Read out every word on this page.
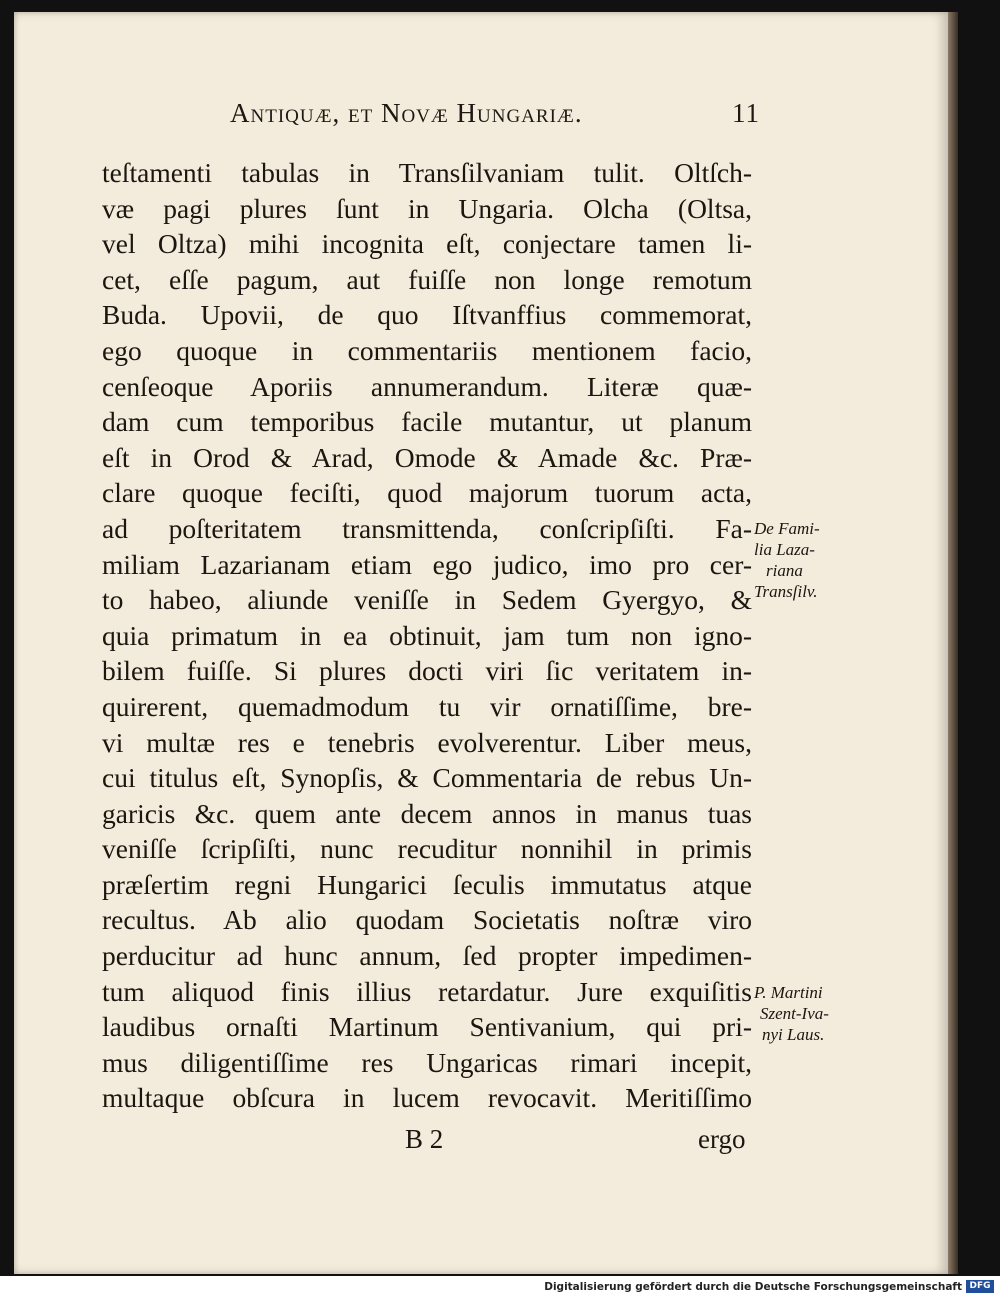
Antiquæ, et Novæ Hungariæ.	11
teſtamenti tabulas in Transſilvaniam tulit. Oltſch-
væ pagi plures ſunt in Ungaria. Olcha (Oltsa,
vel Oltza) mihi incognita eſt, conjectare tamen li-
cet, eſſe pagum, aut fuiſſe non longe remotum
Buda. Upovii, de quo Iſtvanffius commemorat,
ego quoque in commentariis mentionem facio,
cenſeoque Aporiis annumerandum. Literæ quæ-
dam cum temporibus facile mutantur, ut planum
eſt in Orod & Arad, Omode & Amade &c. Præ-
clare quoque feciſti, quod majorum tuorum acta,
ad poſteritatem transmittenda, conſcripſiſti. Fa-
miliam Lazarianam etiam ego judico, imo pro cer-
to habeo, aliunde veniſſe in Sedem Gyergyo, &
quia primatum in ea obtinuit, jam tum non igno-
bilem fuiſſe. Si plures docti viri ſic veritatem in-
quirerent, quemadmodum tu vir ornatiſſime, bre-
vi multæ res e tenebris evolverentur. Liber meus,
cui titulus eſt, Synopſis, & Commentaria de rebus Un-
garicis &c. quem ante decem annos in manus tuas
veniſſe ſcripſiſti, nunc recuditur nonnihil in primis
præſertim regni Hungarici ſeculis immutatus atque
recultus. Ab alio quodam Societatis noſtræ viro
perducitur ad hunc annum, ſed propter impedimen-
tum aliquod finis illius retardatur. Jure exquiſitis
laudibus ornaſti Martinum Sentivanium, qui pri-
mus diligentiſſime res Ungaricas rimari incepit,
multaque obſcura in lucem revocavit. Meritiſſimo
De Fami-
lia Laza-
riana
Transſilv.
P. Martini
Szent-Iva-
nyi Laus.
B 2	ergo
Digitalisierung gefördert durch die Deutsche Forschungsgemeinschaft DFG
